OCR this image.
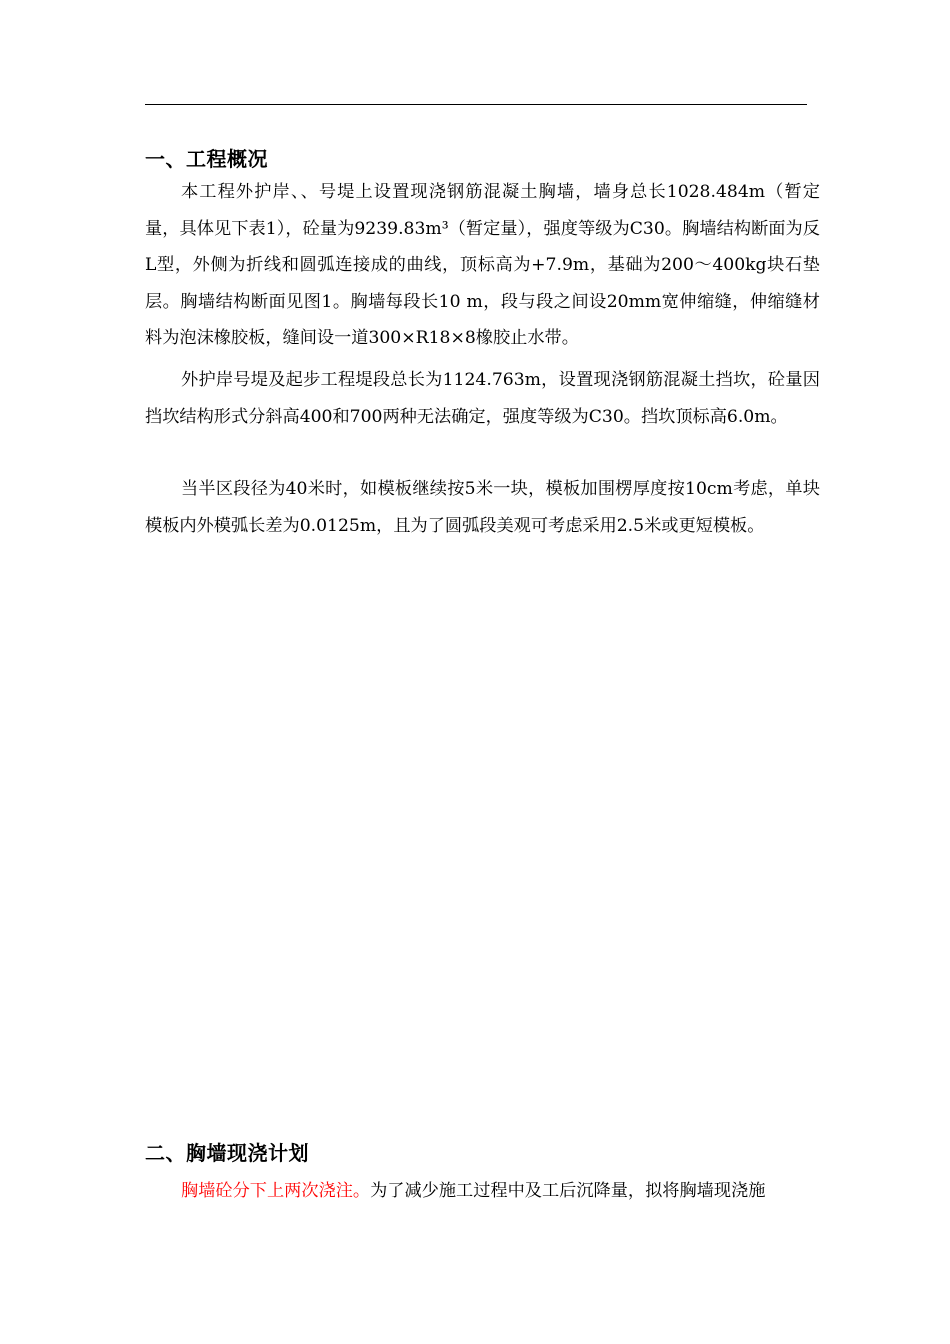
一、工程概况

本工程外护岸、、号堤上设置现浇钢筋混凝土胸墙，墙身总长1028.484m（暂定量，具体见下表1），砼量为9239.83m³（暂定量），强度等级为C30。胸墙结构断面为反L型，外侧为折线和圆弧连接成的曲线，顶标高为+7.9m，基础为200～400kg块石垫层。胸墙结构断面见图1。胸墙每段长10 m，段与段之间设20mm宽伸缩缝，伸缩缝材料为泡沫橡胶板，缝间设一道300×R18×8橡胶止水带。

外护岸号堤及起步工程堤段总长为1124.763m，设置现浇钢筋混凝土挡坎，砼量因挡坎结构形式分斜高400和700两种无法确定，强度等级为C30。挡坎顶标高6.0m。

当半区段径为40米时，如模板继续按5米一块，模板加围楞厚度按10cm考虑，单块模板内外模弧长差为0.0125m，且为了圆弧段美观可考虑采用2.5米或更短模板。

二、胸墙现浇计划

胸墙砼分下上两次浇注。为了减少施工过程中及工后沉降量，拟将胸墙现浇施
